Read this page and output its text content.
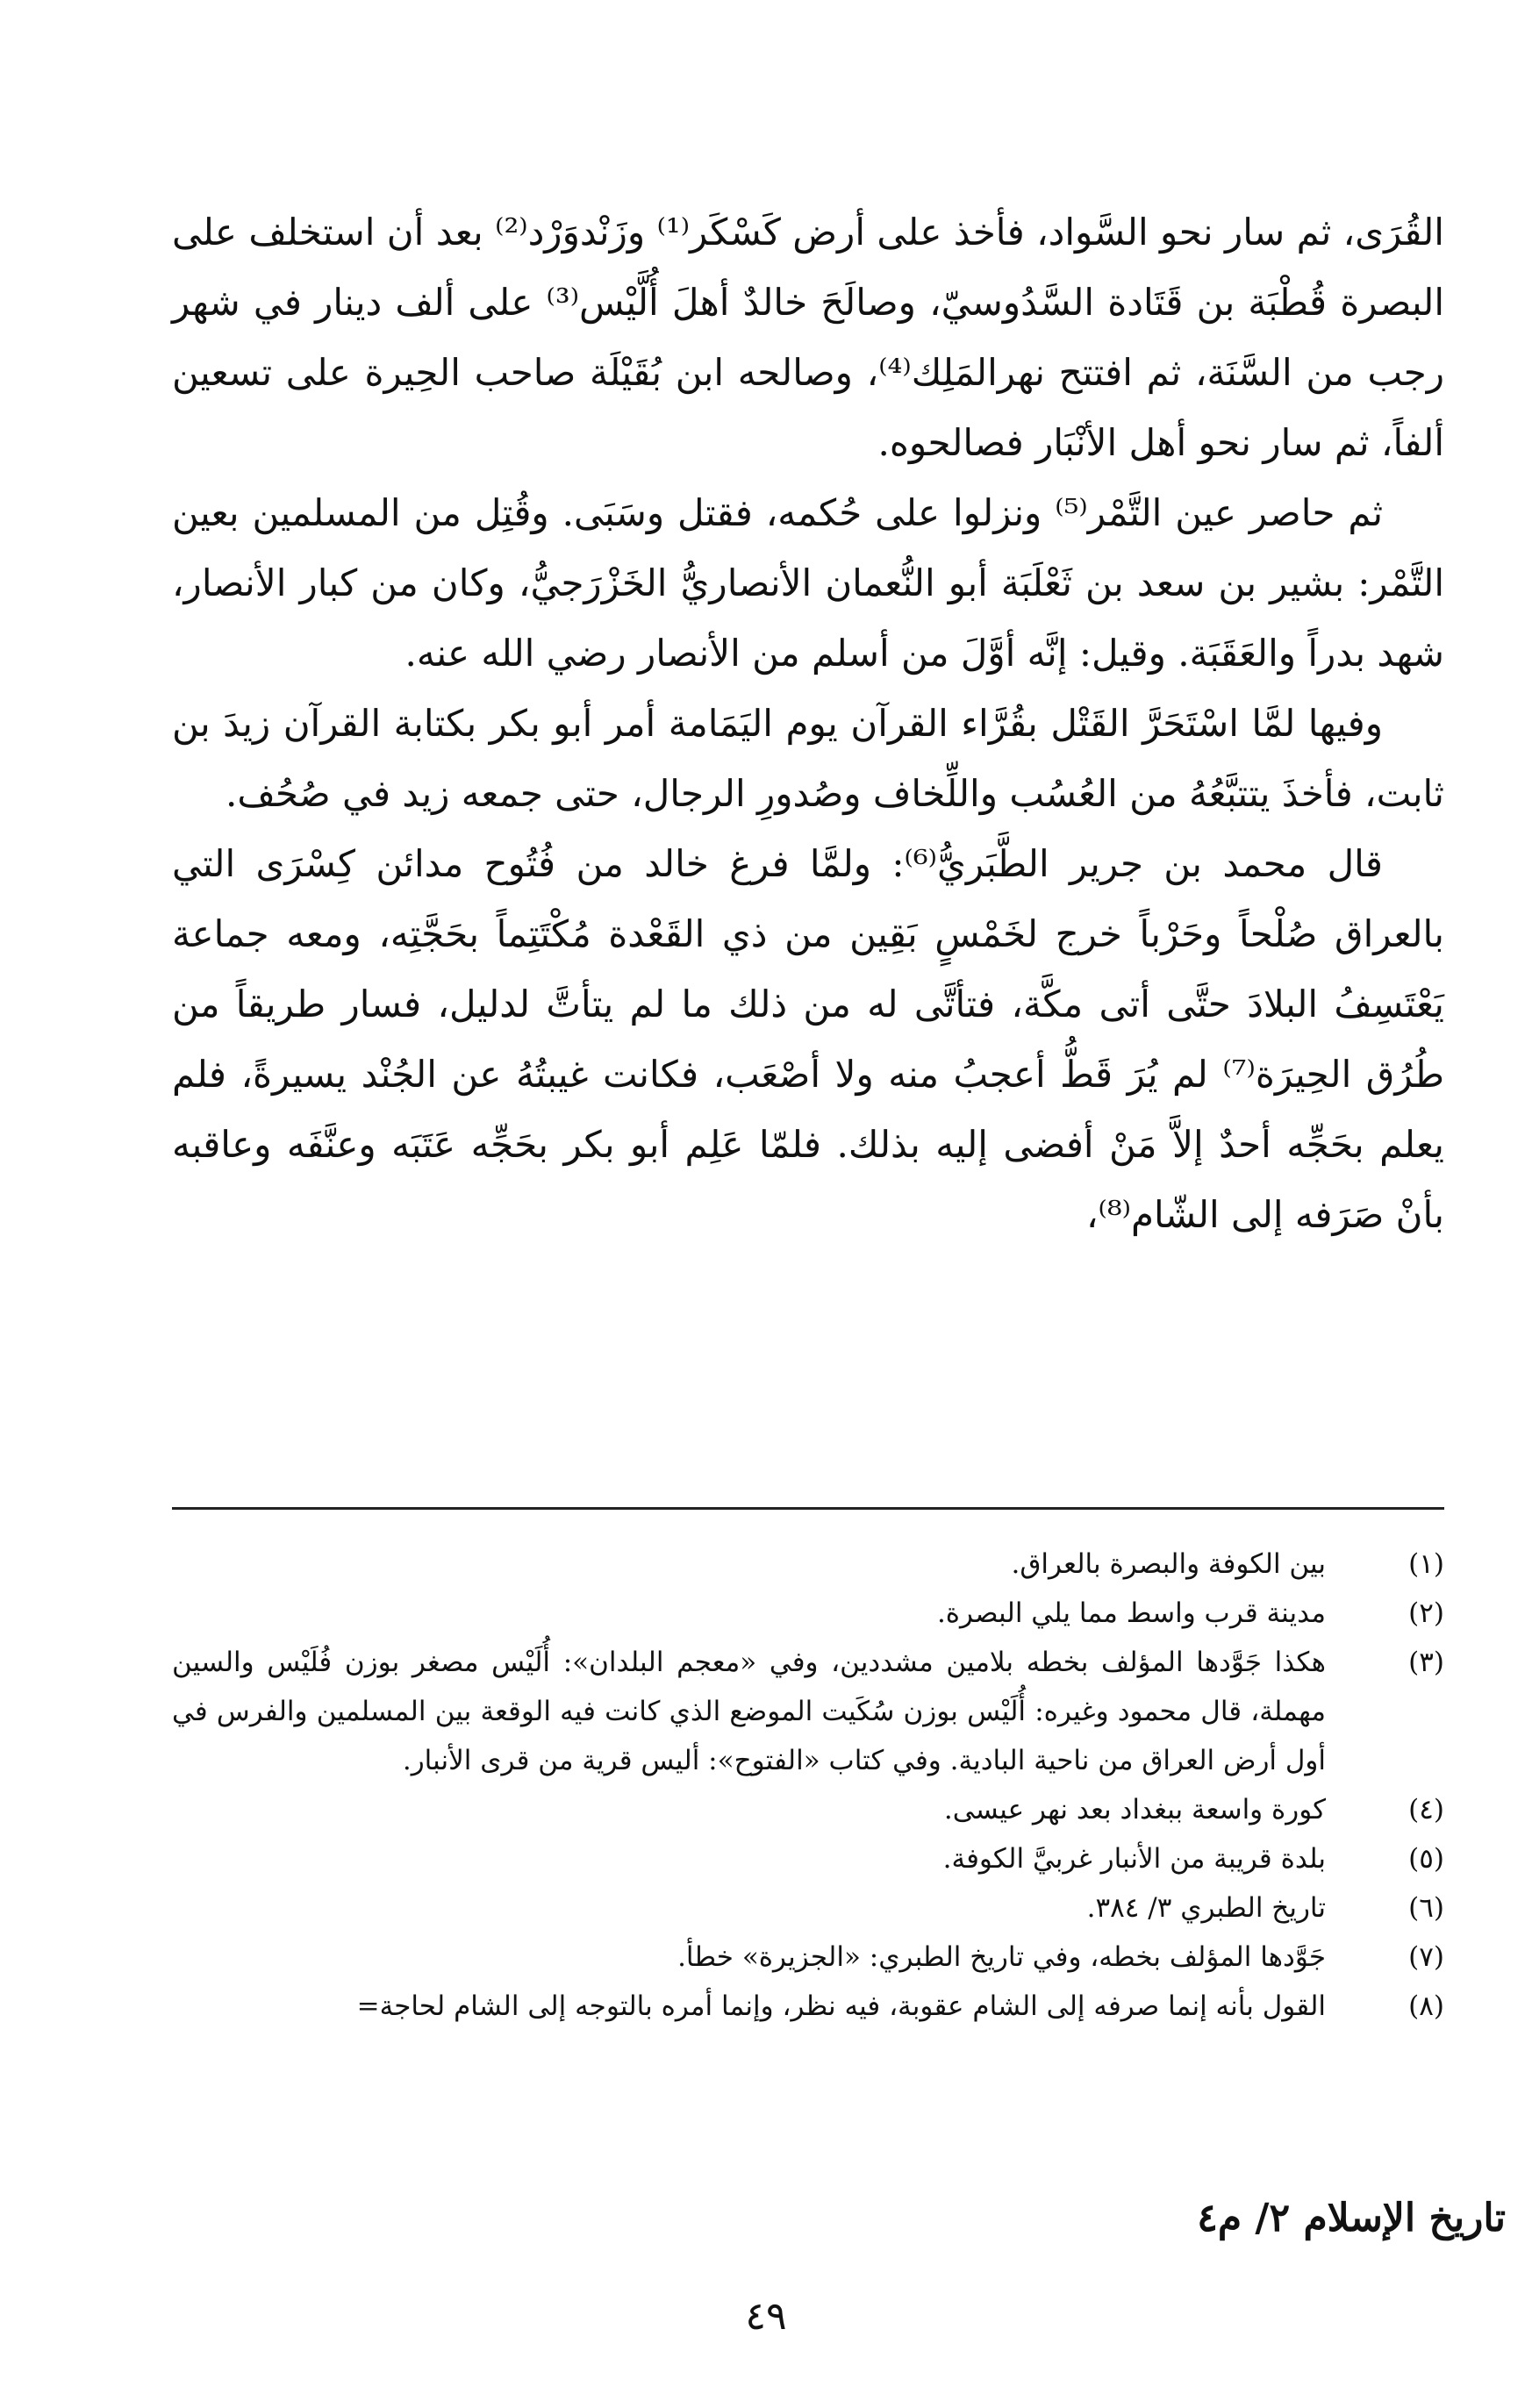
القُرَى، ثم سار نحو السَّواد، فأخذ على أرض كَسْكَر⁽¹⁾ وزَنْدوَرْد⁽²⁾ بعد أن استخلف على البصرة قُطْبَة بن قَتَادة السَّدُوسيّ، وصالَحَ خالدٌ أهلَ أُلَّيْس⁽³⁾ على ألف دينار في شهر رجب من السَّنَة، ثم افتتح نهرالمَلِك⁽⁴⁾، وصالحه ابن بُقَيْلَة صاحب الحِيرة على تسعين ألفاً، ثم سار نحو أهل الأنْبَار فصالحوه.

ثم حاصر عين التَّمْر⁽⁵⁾ ونزلوا على حُكمه، فقتل وسَبَى. وقُتِل من المسلمين بعين التَّمْر: بشير بن سعد بن ثَعْلَبَة أبو النُّعمان الأنصاريُّ الخَزْرَجيُّ، وكان من كبار الأنصار، شهد بدراً والعَقَبَة. وقيل: إنَّه أوَّلَ من أسلم من الأنصار رضي الله عنه.

وفيها لمَّا اسْتَحَرَّ القَتْل بقُرَّاء القرآن يوم اليَمَامة أمر أبو بكر بكتابة القرآن زيدَ بن ثابت، فأخذَ يتتبَّعُهُ من العُسُب واللِّخاف وصُدورِ الرجال، حتى جمعه زيد في صُحُف.

قال محمد بن جرير الطَّبَريُّ⁽⁶⁾: ولمَّا فرغ خالد من فُتُوح مدائن كِسْرَى التي بالعراق صُلْحاً وحَرْباً خرج لخَمْسٍ بَقِين من ذي القَعْدة مُكْتَتِماً بحَجَّتِه، ومعه جماعة يَعْتَسِفُ البلادَ حتَّى أتى مكَّة، فتأتَّى له من ذلك ما لم يتأتَّ لدليل، فسار طريقاً من طُرُق الحِيرَة⁽⁷⁾ لم يُرَ قَطُّ أعجبُ منه ولا أصْعَب، فكانت غيبتُهُ عن الجُنْد يسيرةً، فلم يعلم بحَجِّه أحدٌ إلاَّ مَنْ أفضى إليه بذلك. فلمّا عَلِم أبو بكر بحَجِّه عَتَبَه وعنَّفَه وعاقبه بأنْ صَرَفه إلى الشّام⁽⁸⁾،

(١)
بين الكوفة والبصرة بالعراق.
(٢)
مدينة قرب واسط مما يلي البصرة.
(٣)
هكذا جَوَّدها المؤلف بخطه بلامين مشددين، وفي «معجم البلدان»: أُلَيْس مصغر بوزن فُلَيْس والسين مهملة، قال محمود وغيره: أُلَيْس بوزن سُكَيت الموضع الذي كانت فيه الوقعة بين المسلمين والفرس في أول أرض العراق من ناحية البادية. وفي كتاب «الفتوح»: أليس قرية من قرى الأنبار.
(٤)
كورة واسعة ببغداد بعد نهر عيسى.
(٥)
بلدة قريبة من الأنبار غربيَّ الكوفة.
(٦)
تاريخ الطبري ٣/ ٣٨٤.
(٧)
جَوَّدها المؤلف بخطه، وفي تاريخ الطبري: «الجزيرة» خطأ.
(٨)
القول بأنه إنما صرفه إلى الشام عقوبة، فيه نظر، وإنما أمره بالتوجه إلى الشام لحاجة=
تاريخ الإسلام ٢/ م٤
٤٩
